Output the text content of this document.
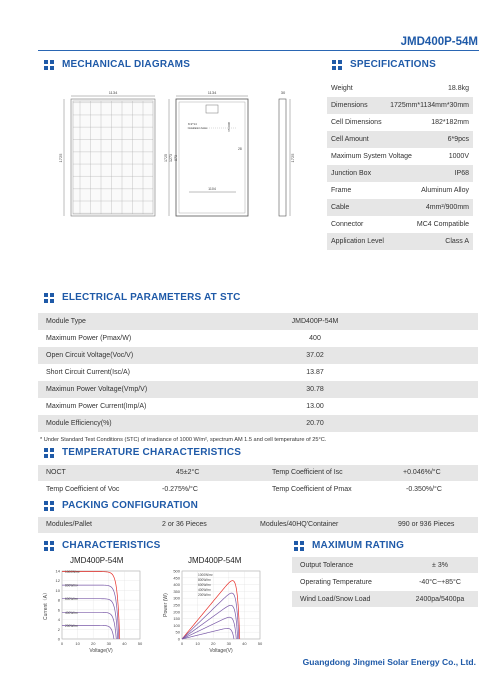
JMD400P-54M
MECHANICAL DIAGRAMS	SPECIFICATIONS
ELECTRICAL PARAMETERS AT STC
TEMPERATURE CHARACTERISTICS
PACKING CONFIGURATION
CHARACTERISTICS	MAXIMUM RATING
1134
1725
1134
8-9*14
Installation holes	900mm
28
1104
1725 1273 873
30
1725
Weight	18.8kg
Dimensions	1725mm*1134mm*30mm
Cell Dimensions	182*182mm
Cell Amount	6*9pcs
Maximum System Voltage	1000V
Junction Box	IP68
Frame	Aluminum Alloy
Cable	4mm²/900mm
Connector	MC4 Compatible
Application Level	Class A
Module Type	JMD400P-54M
Maximum Power (Pmax/W)	400
Open Circuit Voltage(Voc/V)	37.02
Short Circuit Current(Isc/A)	13.87
Maximun Power Voltage(Vmp/V)	30.78
Maximum Power Current(Imp/A)	13.00
Module Efficiency(%)	20.70
* Under Standard Test Conditions (STC) of irradiance of 1000 W/m², spectrum AM 1.5 and cell temperature of 25°C.
NOCT	45±2°C	Temp Coefficient of Isc	+0.046%/°C
Temp Coefficient of Voc	-0.275%/°C	Temp Coefficient of Pmax	-0.350%/°C
Modules/Pallet	2 or 36 Pieces	Modules/40HQ'Container	990 or 936 Pieces
Output Tolerance	± 3%
Operating Temperature	-40°C~+85°C
Wind Load/Snow Load	2400pa/5400pa
JMD400P-54M	JMD400P-54M
0
2
4
6
8
10
12
14
0	10	20	30	40	50
Voltage(V)
Current（A）
1000W/m²
800W/m²
600W/m²
400W/m²
200W/m²
0
50
100
150
200
250
300
350
400
450
500
0	10	20	30	40	50
Voltage(V)
Power (W)
1000W/m²
800W/m²
600W/m²
400W/m²
200W/m²
Guangdong Jingmei Solar Energy Co., Ltd.
